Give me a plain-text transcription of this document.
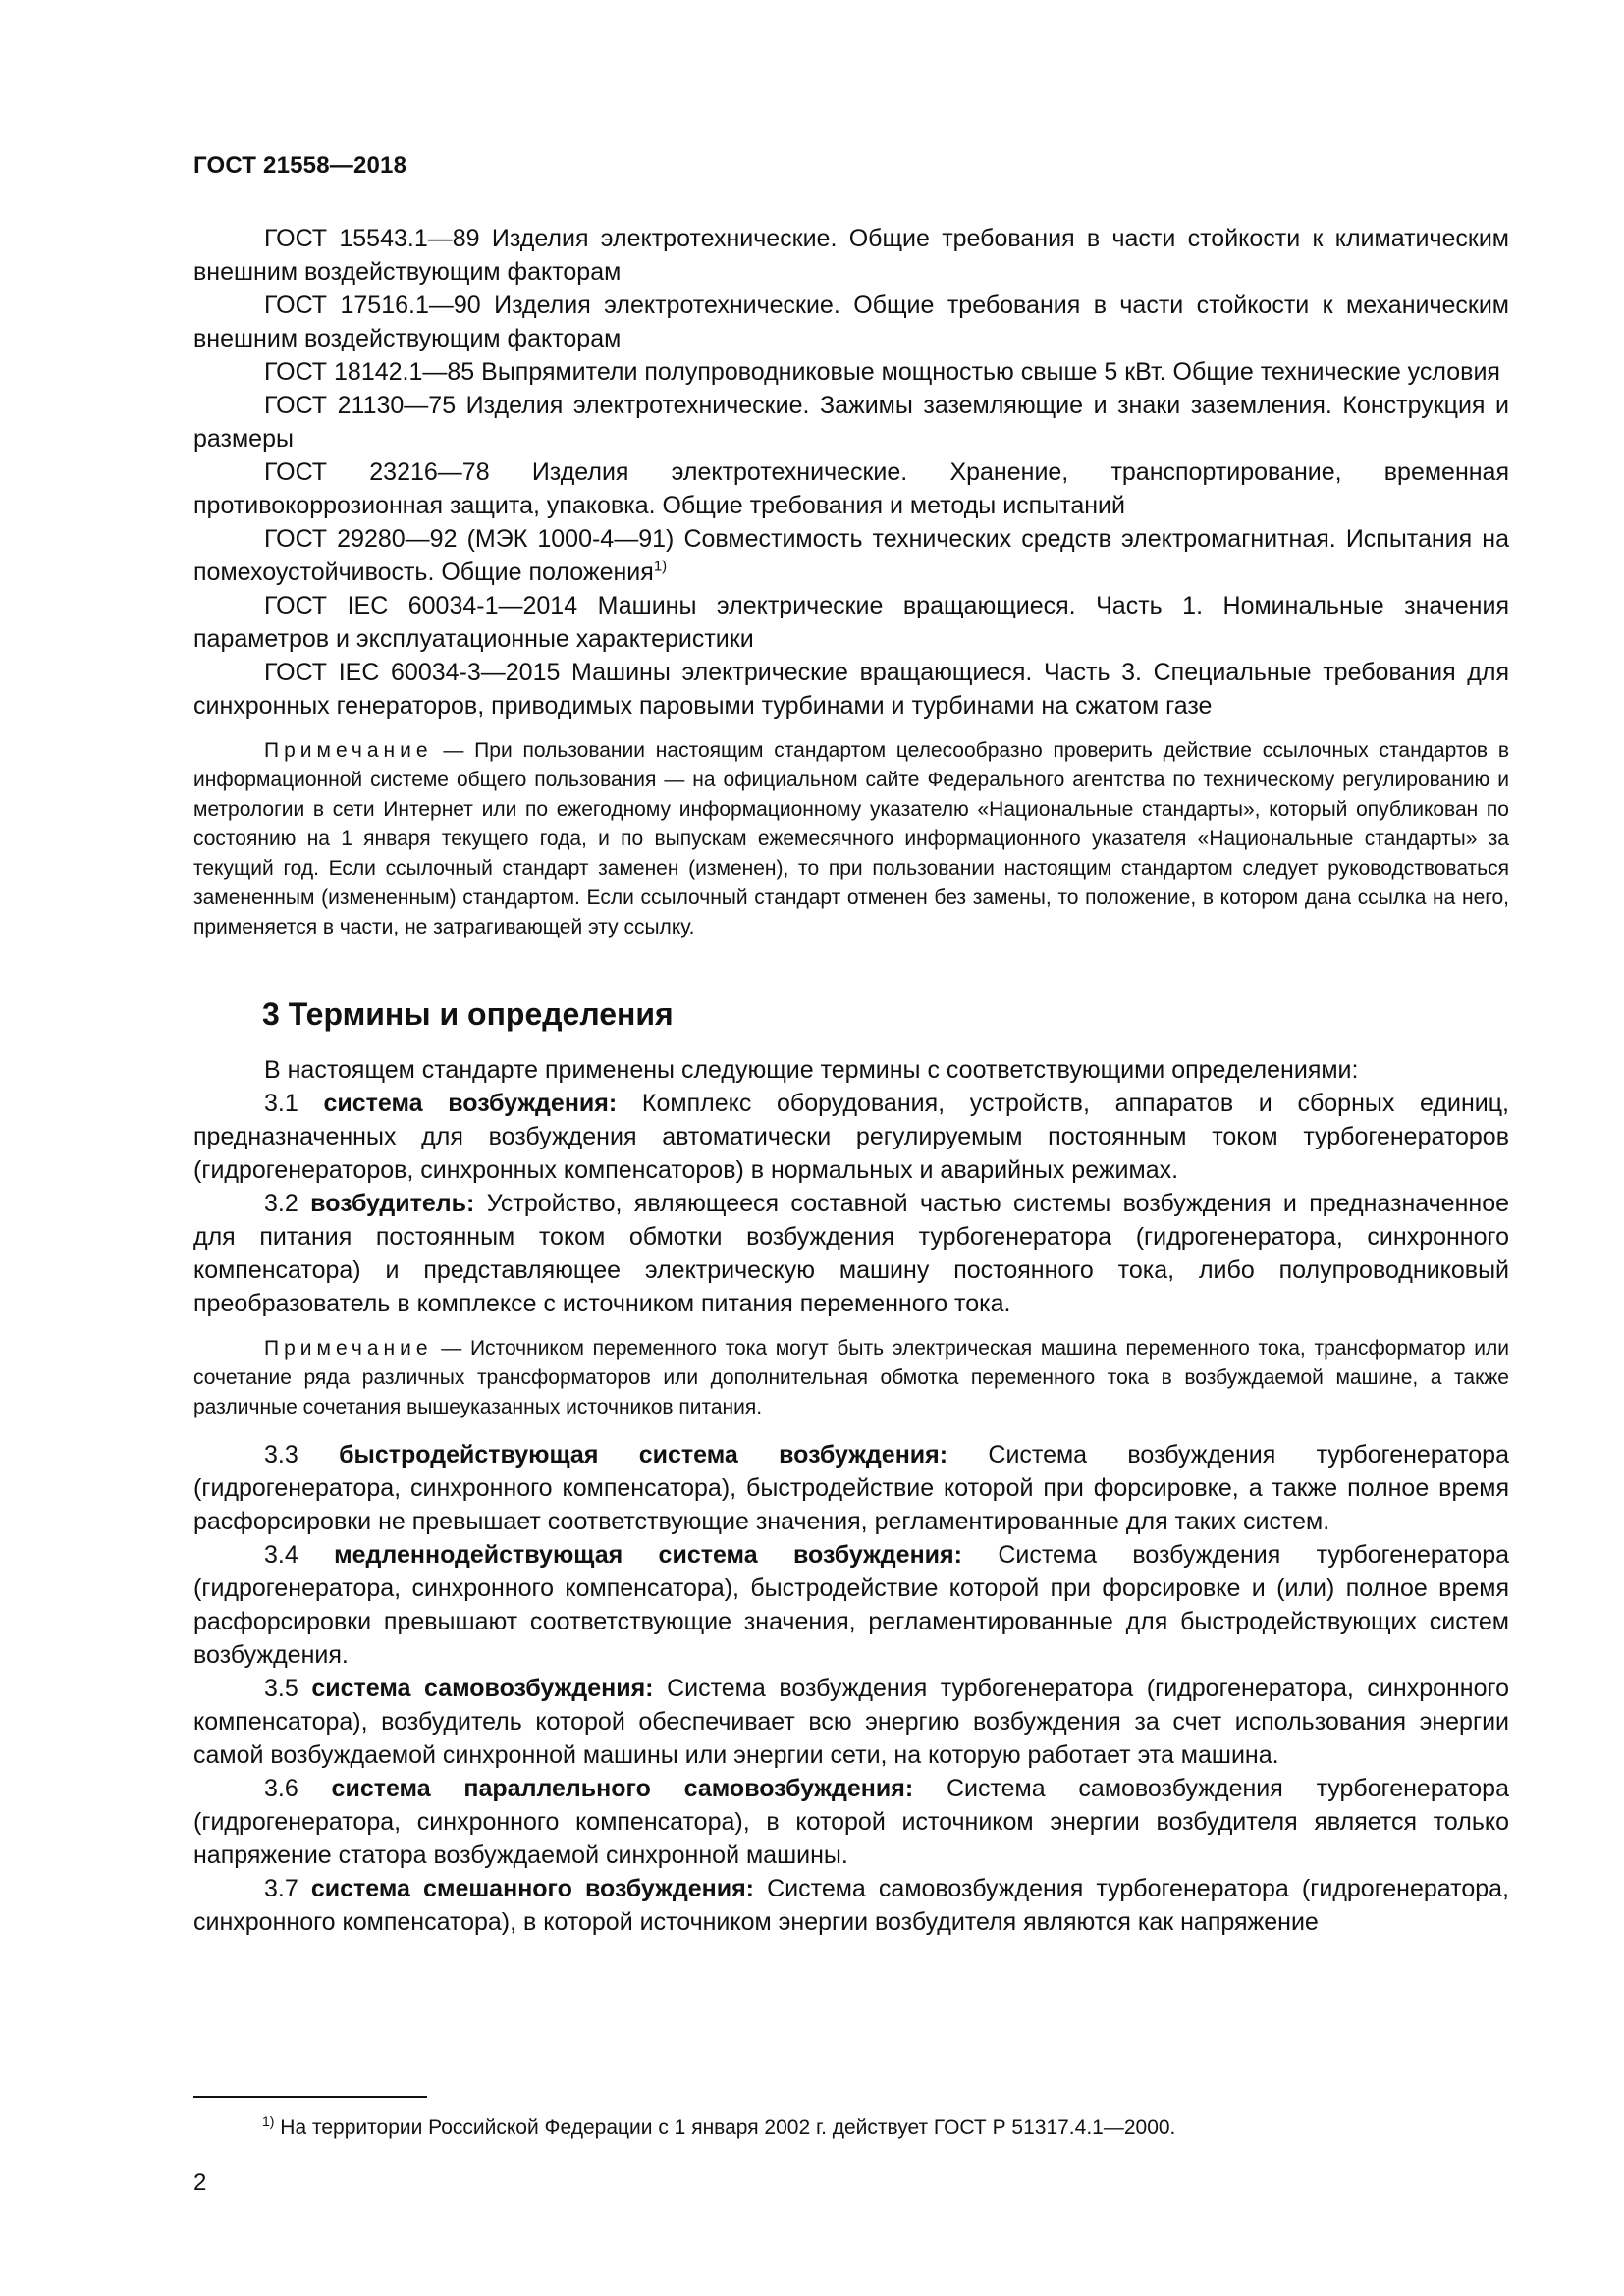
ГОСТ 21558—2018

ГОСТ 15543.1—89 Изделия электротехнические. Общие требования в части стойкости к климатическим внешним воздействующим факторам

ГОСТ 17516.1—90 Изделия электротехнические. Общие требования в части стойкости к механическим внешним воздействующим факторам

ГОСТ 18142.1—85 Выпрямители полупроводниковые мощностью свыше 5 кВт. Общие технические условия

ГОСТ 21130—75 Изделия электротехнические. Зажимы заземляющие и знаки заземления. Конструкция и размеры

ГОСТ 23216—78 Изделия электротехнические. Хранение, транспортирование, временная противокоррозионная защита, упаковка. Общие требования и методы испытаний

ГОСТ 29280—92 (МЭК 1000-4—91) Совместимость технических средств электромагнитная. Испытания на помехоустойчивость. Общие положения$^{1)}$

ГОСТ IEC 60034-1—2014 Машины электрические вращающиеся. Часть 1. Номинальные значения параметров и эксплуатационные характеристики

ГОСТ IEC 60034-3—2015 Машины электрические вращающиеся. Часть 3. Специальные требования для синхронных генераторов, приводимых паровыми турбинами и турбинами на сжатом газе

Примечание — При пользовании настоящим стандартом целесообразно проверить действие ссылочных стандартов в информационной системе общего пользования — на официальном сайте Федерального агентства по техническому регулированию и метрологии в сети Интернет или по ежегодному информационному указателю «Национальные стандарты», который опубликован по состоянию на 1 января текущего года, и по выпускам ежемесячного информационного указателя «Национальные стандарты» за текущий год. Если ссылочный стандарт заменен (изменен), то при пользовании настоящим стандартом следует руководствоваться замененным (измененным) стандартом. Если ссылочный стандарт отменен без замены, то положение, в котором дана ссылка на него, применяется в части, не затрагивающей эту ссылку.

3 Термины и определения

В настоящем стандарте применены следующие термины с соответствующими определениями:

3.1 система возбуждения: Комплекс оборудования, устройств, аппаратов и сборных единиц, предназначенных для возбуждения автоматически регулируемым постоянным током турбогенераторов (гидрогенераторов, синхронных компенсаторов) в нормальных и аварийных режимах.

3.2 возбудитель: Устройство, являющееся составной частью системы возбуждения и предназначенное для питания постоянным током обмотки возбуждения турбогенератора (гидрогенератора, синхронного компенсатора) и представляющее электрическую машину постоянного тока, либо полупроводниковый преобразователь в комплексе с источником питания переменного тока.

Примечание — Источником переменного тока могут быть электрическая машина переменного тока, трансформатор или сочетание ряда различных трансформаторов или дополнительная обмотка переменного тока в возбуждаемой машине, а также различные сочетания вышеуказанных источников питания.

3.3 быстродействующая система возбуждения: Система возбуждения турбогенератора (гидрогенератора, синхронного компенсатора), быстродействие которой при форсировке, а также полное время расфорсировки не превышает соответствующие значения, регламентированные для таких систем.

3.4 медленнодействующая система возбуждения: Система возбуждения турбогенератора (гидрогенератора, синхронного компенсатора), быстродействие которой при форсировке и (или) полное время расфорсировки превышают соответствующие значения, регламентированные для быстродействующих систем возбуждения.

3.5 система самовозбуждения: Система возбуждения турбогенератора (гидрогенератора, синхронного компенсатора), возбудитель которой обеспечивает всю энергию возбуждения за счет использования энергии самой возбуждаемой синхронной машины или энергии сети, на которую работает эта машина.

3.6 система параллельного самовозбуждения: Система самовозбуждения турбогенератора (гидрогенератора, синхронного компенсатора), в которой источником энергии возбудителя является только напряжение статора возбуждаемой синхронной машины.

3.7 система смешанного возбуждения: Система самовозбуждения турбогенератора (гидрогенератора, синхронного компенсатора), в которой источником энергии возбудителя являются как напряжение

$^{1)}$ На территории Российской Федерации с 1 января 2002 г. действует ГОСТ Р 51317.4.1—2000.
2
